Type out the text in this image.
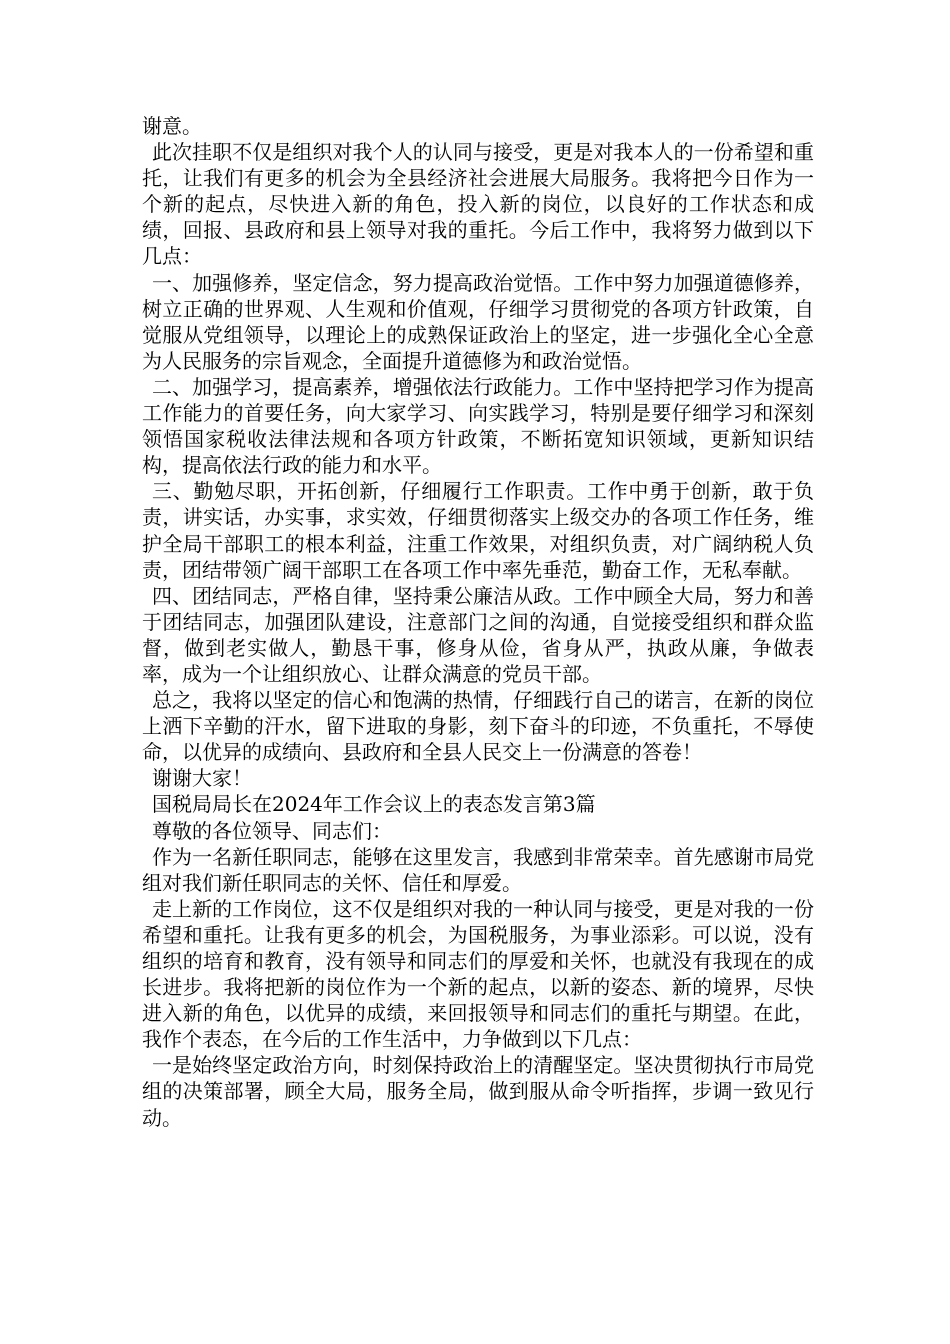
谢意。

此次挂职不仅是组织对我个人的认同与接受，更是对我本人的一份希望和重托，让我们有更多的机会为全县经济社会进展大局服务。我将把今日作为一个新的起点，尽快进入新的角色，投入新的岗位，以良好的工作状态和成绩，回报、县政府和县上领导对我的重托。今后工作中，我将努力做到以下几点：

一、加强修养，坚定信念，努力提高政治觉悟。工作中努力加强道德修养，树立正确的世界观、人生观和价值观，仔细学习贯彻党的各项方针政策，自觉服从党组领导，以理论上的成熟保证政治上的坚定，进一步强化全心全意为人民服务的宗旨观念，全面提升道德修为和政治觉悟。

二、加强学习，提高素养，增强依法行政能力。工作中坚持把学习作为提高工作能力的首要任务，向大家学习、向实践学习，特别是要仔细学习和深刻领悟国家税收法律法规和各项方针政策，不断拓宽知识领域，更新知识结构，提高依法行政的能力和水平。

三、勤勉尽职，开拓创新，仔细履行工作职责。工作中勇于创新，敢于负责，讲实话，办实事，求实效，仔细贯彻落实上级交办的各项工作任务，维护全局干部职工的根本利益，注重工作效果，对组织负责，对广阔纳税人负责，团结带领广阔干部职工在各项工作中率先垂范，勤奋工作，无私奉献。

四、团结同志，严格自律，坚持秉公廉洁从政。工作中顾全大局，努力和善于团结同志，加强团队建设，注意部门之间的沟通，自觉接受组织和群众监督，做到老实做人，勤恳干事，修身从俭，省身从严，执政从廉，争做表率，成为一个让组织放心、让群众满意的党员干部。

总之，我将以坚定的信心和饱满的热情，仔细践行自己的诺言，在新的岗位上洒下辛勤的汗水，留下进取的身影，刻下奋斗的印迹，不负重托，不辱使命，以优异的成绩向、县政府和全县人民交上一份满意的答卷！

谢谢大家！

国税局局长在2024年工作会议上的表态发言第3篇

尊敬的各位领导、同志们：

作为一名新任职同志，能够在这里发言，我感到非常荣幸。首先感谢市局党组对我们新任职同志的关怀、信任和厚爱。

走上新的工作岗位，这不仅是组织对我的一种认同与接受，更是对我的一份希望和重托。让我有更多的机会，为国税服务，为事业添彩。可以说，没有组织的培育和教育，没有领导和同志们的厚爱和关怀，也就没有我现在的成长进步。我将把新的岗位作为一个新的起点，以新的姿态、新的境界，尽快进入新的角色，以优异的成绩，来回报领导和同志们的重托与期望。在此，我作个表态，在今后的工作生活中，力争做到以下几点：

一是始终坚定政治方向，时刻保持政治上的清醒坚定。坚决贯彻执行市局党组的决策部署，顾全大局，服务全局，做到服从命令听指挥，步调一致见行动。
